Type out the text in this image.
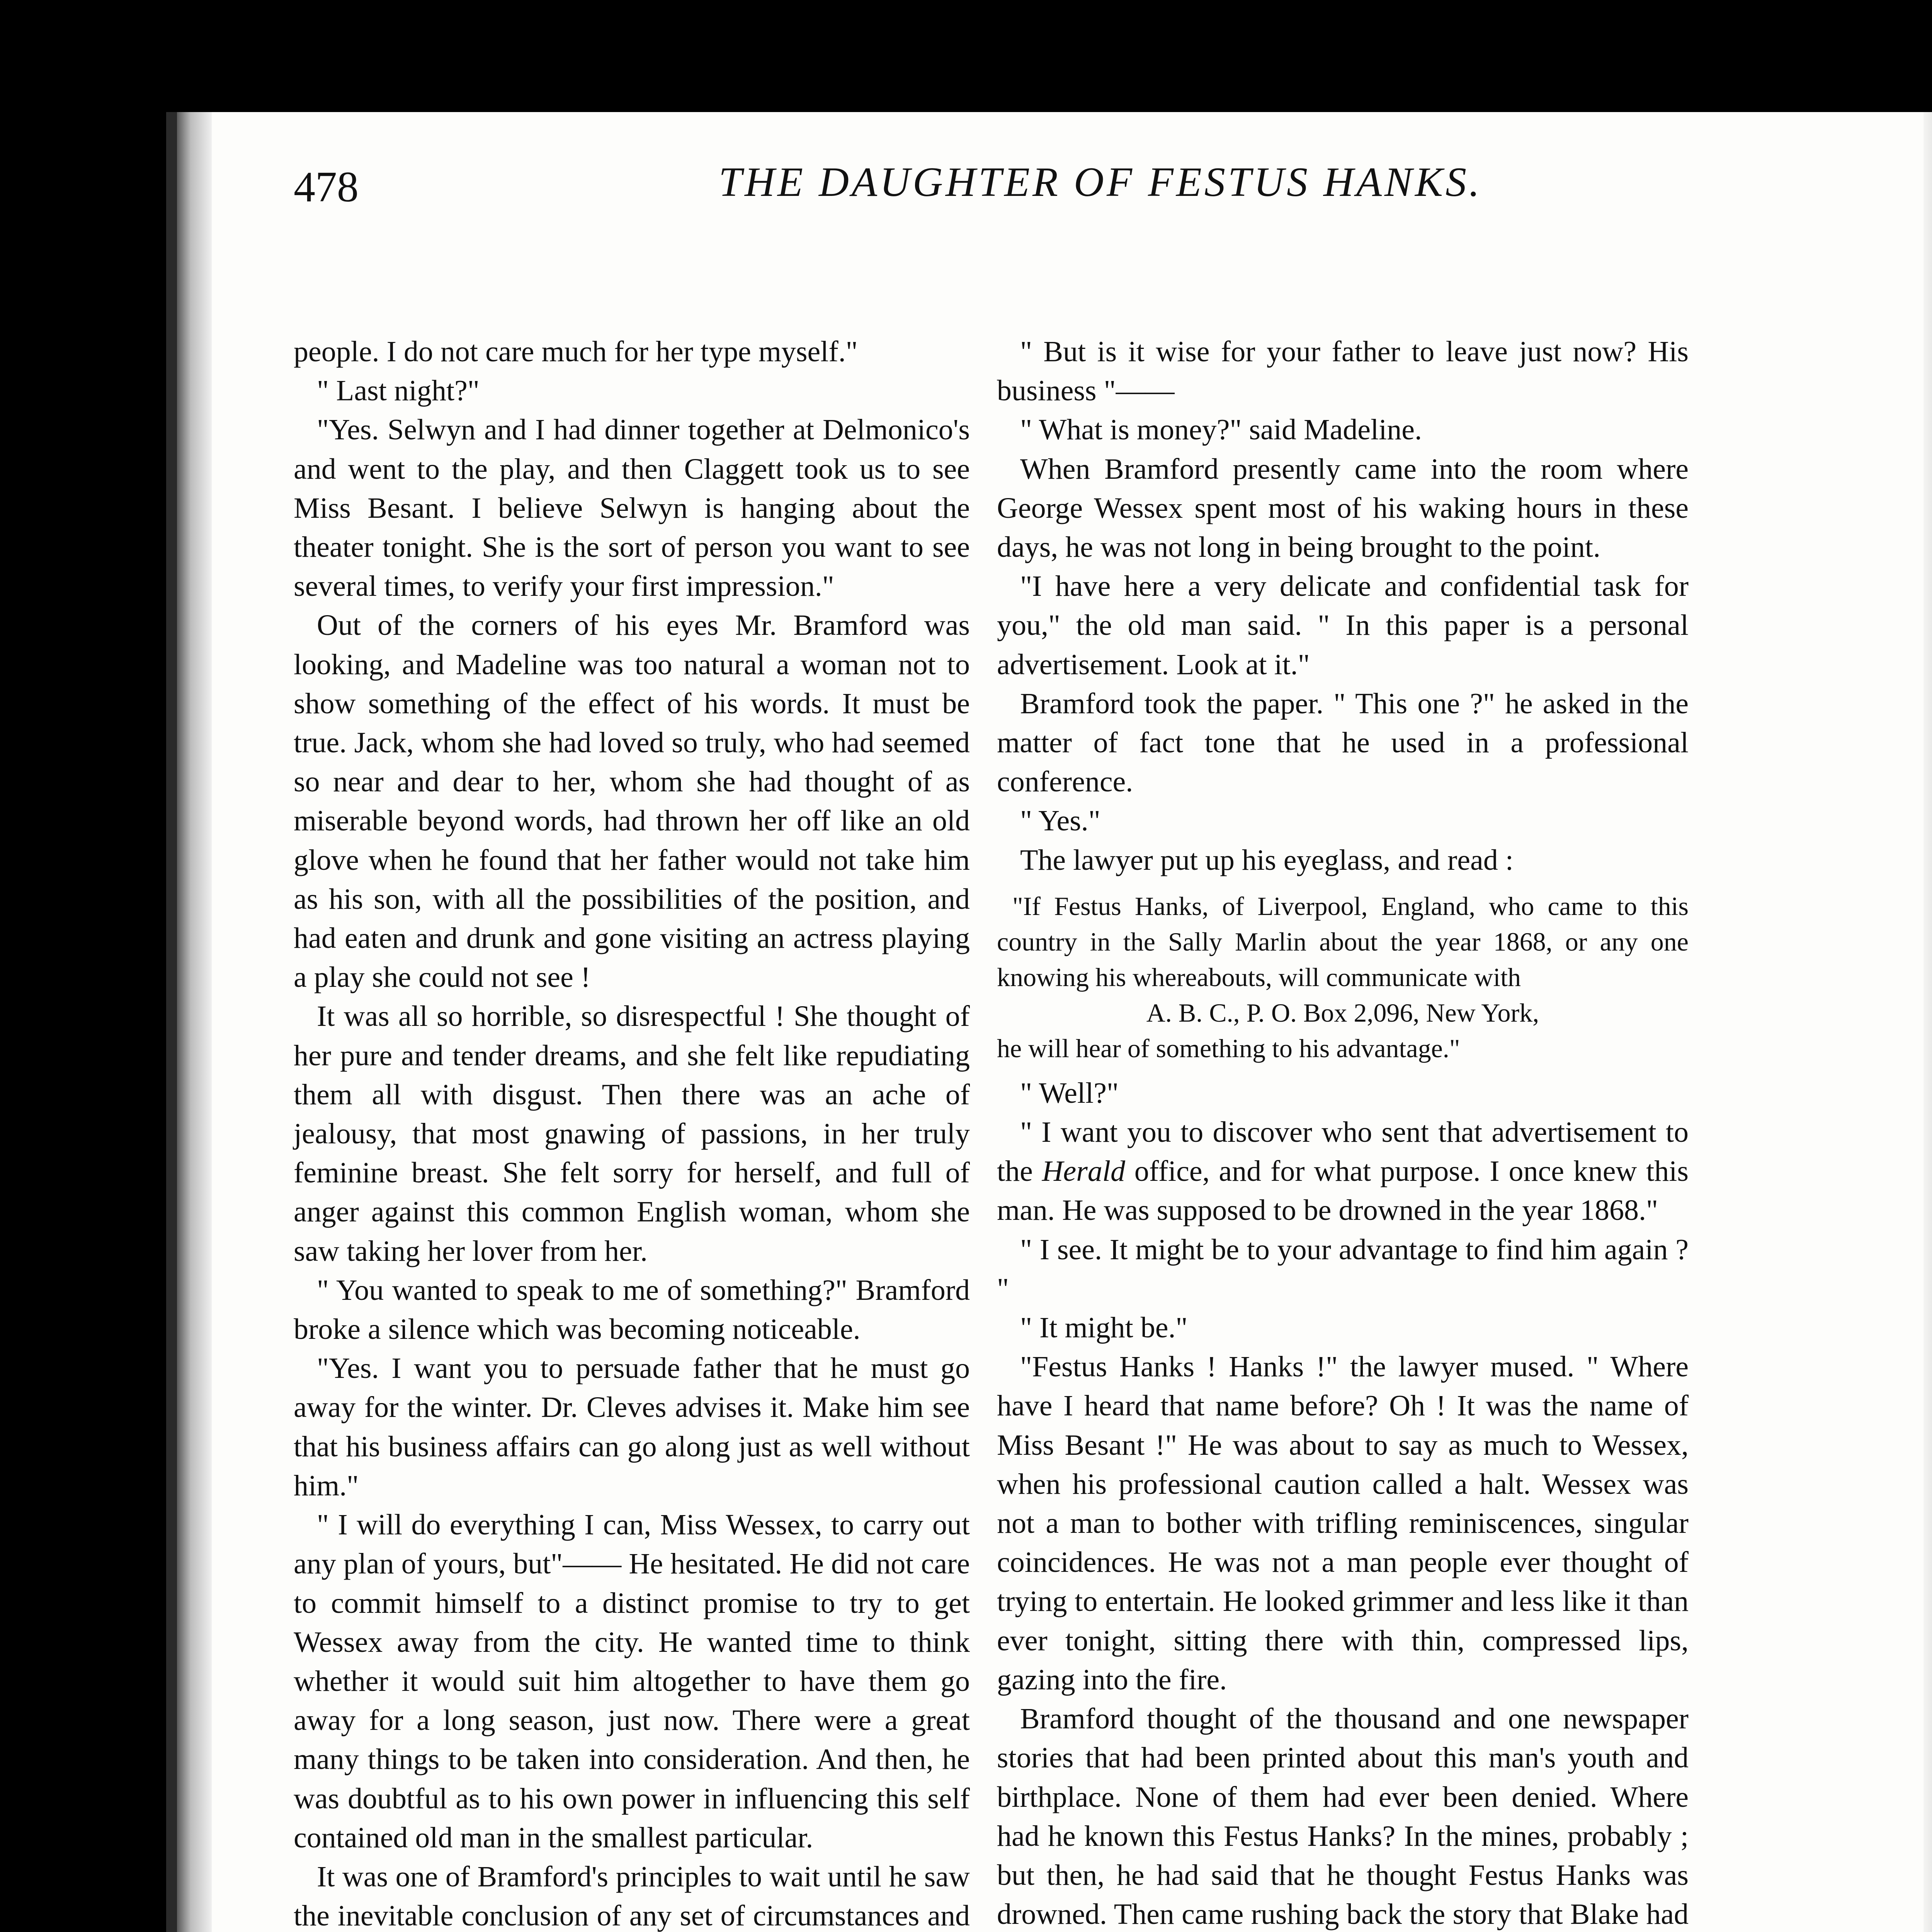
478	THE DAUGHTER OF FESTUS HANKS.

people. I do not care much for her type myself."

" Last night?"

"Yes. Selwyn and I had dinner together at Delmonico's and went to the play, and then Claggett took us to see Miss Besant. I believe Selwyn is hanging about the theater tonight. She is the sort of person you want to see several times, to verify your first impression."

Out of the corners of his eyes Mr. Bramford was looking, and Madeline was too natural a woman not to show something of the effect of his words. It must be true. Jack, whom she had loved so truly, who had seemed so near and dear to her, whom she had thought of as miserable beyond words, had thrown her off like an old glove when he found that her father would not take him as his son, with all the possibilities of the position, and had eaten and drunk and gone visiting an actress playing a play she could not see !

It was all so horrible, so disrespectful ! She thought of her pure and tender dreams, and she felt like repudiating them all with disgust. Then there was an ache of jealousy, that most gnawing of passions, in her truly feminine breast. She felt sorry for herself, and full of anger against this common English woman, whom she saw taking her lover from her.

" You wanted to speak to me of something?" Bramford broke a silence which was becoming noticeable.

"Yes. I want you to persuade father that he must go away for the winter. Dr. Cleves advises it. Make him see that his business affairs can go along just as well without him."

" I will do everything I can, Miss Wessex, to carry out any plan of yours, but"—— He hesitated. He did not care to commit himself to a distinct promise to try to get Wessex away from the city. He wanted time to think whether it would suit him altogether to have them go away for a long season, just now. There were a great many things to be taken into consideration. And then, he was doubtful as to his own power in influencing this self contained old man in the smallest particular.

It was one of Bramford's principles to wait until he saw the inevitable conclusion of any set of circumstances and

" But is it wise for your father to leave just now? His business "——

" What is money?" said Madeline.

When Bramford presently came into the room where George Wessex spent most of his waking hours in these days, he was not long in being brought to the point.

"I have here a very delicate and confidential task for you," the old man said. " In this paper is a personal advertisement. Look at it."

Bramford took the paper. " This one ?" he asked in the matter of fact tone that he used in a professional conference.

" Yes."

The lawyer put up his eyeglass, and read :

"If Festus Hanks, of Liverpool, England, who came to this country in the Sally Marlin about the year 1868, or any one knowing his whereabouts, will communicate with

A. B. C., P. O. Box 2,096, New York,

he will hear of something to his advantage."

" Well?"

" I want you to discover who sent that advertisement to the Herald office, and for what purpose. I once knew this man. He was supposed to be drowned in the year 1868."

" I see. It might be to your advantage to find him again ? "

" It might be."

"Festus Hanks ! Hanks !" the lawyer mused. " Where have I heard that name before? Oh ! It was the name of Miss Besant !" He was about to say as much to Wessex, when his professional caution called a halt. Wessex was not a man to bother with trifling reminiscences, singular coincidences. He was not a man people ever thought of trying to entertain. He looked grimmer and less like it than ever tonight, sitting there with thin, compressed lips, gazing into the fire.

Bramford thought of the thousand and one newspaper stories that had been printed about this man's youth and birthplace. None of them had ever been denied. Where had he known this Festus Hanks? In the mines, probably ; but then, he had said that he thought Festus Hanks was drowned. Then came rushing back the story that Blake had
